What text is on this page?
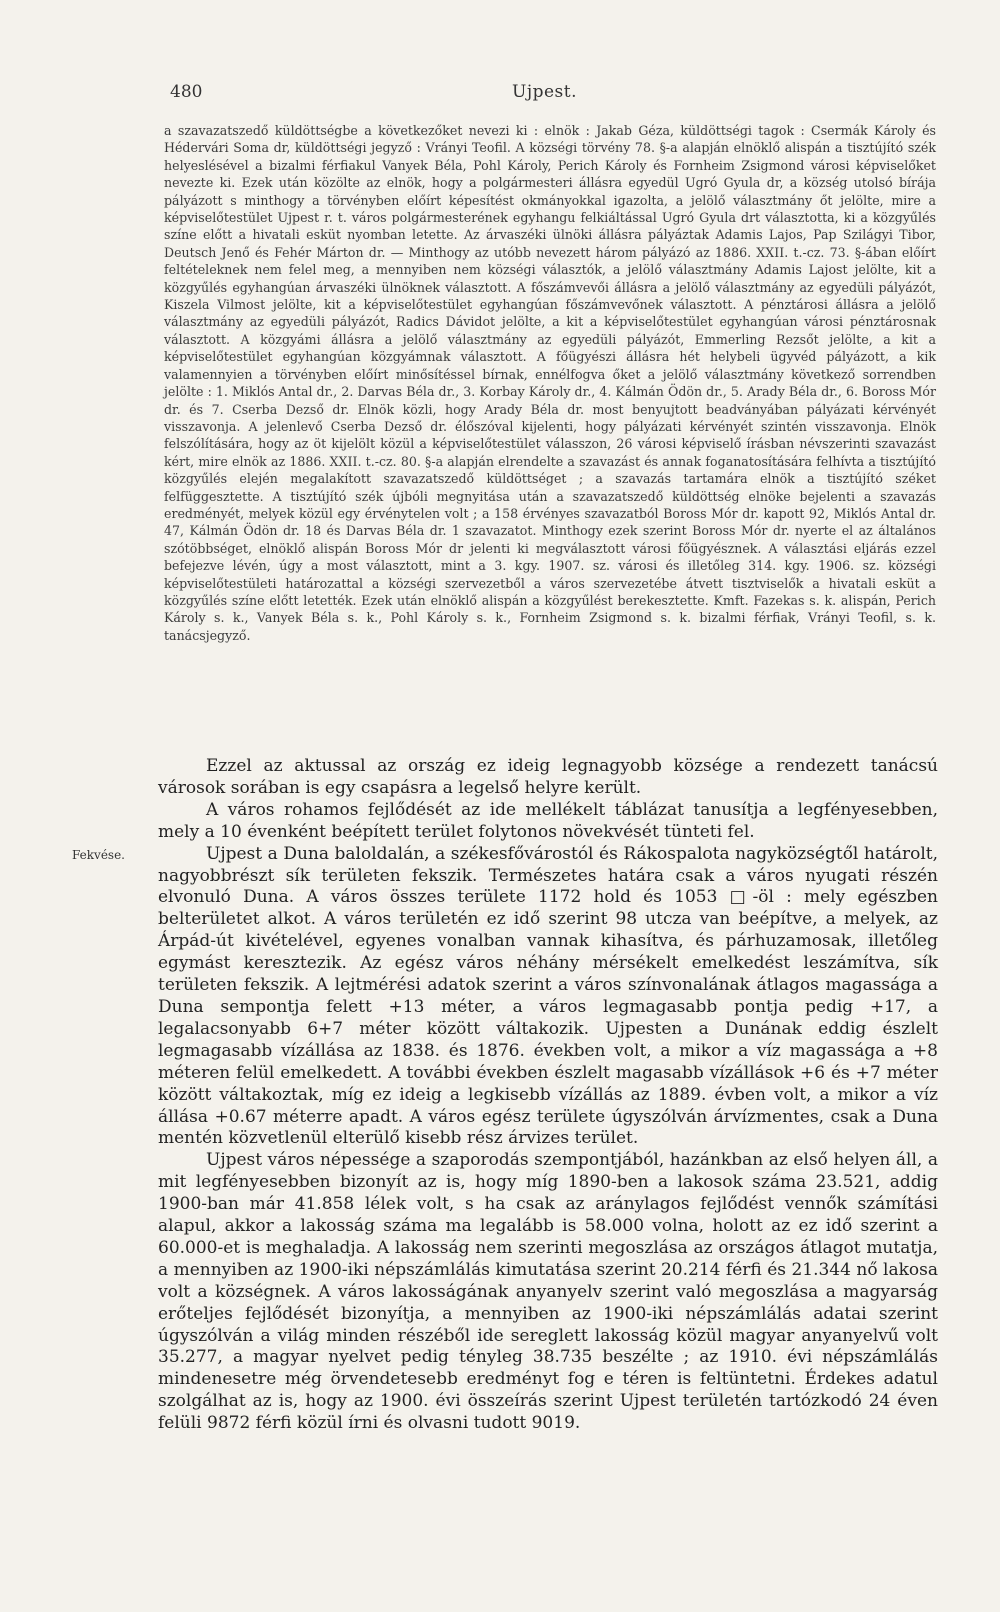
480	Ujpest.

a szavazatszedő küldöttségbe a következőket nevezi ki : elnök : Jakab Géza, küldöttségi tagok : Csermák Károly és Hédervári Soma dr, küldöttségi jegyző : Vrányi Teofil. A községi törvény 78. §-a alapján elnöklő alispán a tisztújító szék helyeslésével a bizalmi férfiakul Vanyek Béla, Pohl Károly, Perich Károly és Fornheim Zsigmond városi képviselőket nevezte ki. Ezek után közölte az elnök, hogy a polgármesteri állásra egyedül Ugró Gyula dr, a község utolsó bírája pályázott s minthogy a törvényben előírt képesítést okmányokkal igazolta, a jelölő választmány őt jelölte, mire a képviselőtestület Ujpest r. t. város polgármesterének egyhangu felkiáltással Ugró Gyula drt választotta, ki a közgyűlés színe előtt a hivatali esküt nyomban letette. Az árvaszéki ülnöki állásra pályáztak Adamis Lajos, Pap Szilágyi Tibor, Deutsch Jenő és Fehér Márton dr. — Minthogy az utóbb nevezett három pályázó az 1886. XXII. t.-cz. 73. §-ában előírt feltételeknek nem felel meg, a mennyiben nem községi választók, a jelölő választmány Adamis Lajost jelölte, kit a közgyűlés egyhangúan árvaszéki ülnöknek választott. A főszámvevői állásra a jelölő választmány az egyedüli pályázót, Kiszela Vilmost jelölte, kit a képviselőtestület egyhangúan főszámvevőnek választott. A pénztárosi állásra a jelölő választmány az egyedüli pályázót, Radics Dávidot jelölte, a kit a képviselőtestület egyhangúan városi pénztárosnak választott. A közgyámi állásra a jelölő választmány az egyedüli pályázót, Emmerling Rezsőt jelölte, a kit a képviselőtestület egyhangúan közgyámnak választott. A főügyészi állásra hét helybeli ügyvéd pályázott, a kik valamennyien a törvényben előírt minősítéssel bírnak, ennélfogva őket a jelölő választmány következő sorrendben jelölte : 1. Miklós Antal dr., 2. Darvas Béla dr., 3. Korbay Károly dr., 4. Kálmán Ödön dr., 5. Arady Béla dr., 6. Boross Mór dr. és 7. Cserba Dezső dr. Elnök közli, hogy Arady Béla dr. most benyujtott beadványában pályázati kérvényét visszavonja. A jelenlevő Cserba Dezső dr. élőszóval kijelenti, hogy pályázati kérvényét szintén visszavonja. Elnök felszólítására, hogy az öt kijelölt közül a képviselőtestület válasszon, 26 városi képviselő írásban névszerinti szavazást kért, mire elnök az 1886. XXII. t.-cz. 80. §-a alapján elrendelte a szavazást és annak foganatosítására felhívta a tisztújító közgyűlés elején megalakított szavazatszedő küldöttséget ; a szavazás tartamára elnök a tisztújító széket felfüggesztette. A tisztújító szék újbóli megnyitása után a szavazatszedő küldöttség elnöke bejelenti a szavazás eredményét, melyek közül egy érvénytelen volt ; a 158 érvényes szavazatból Boross Mór dr. kapott 92, Miklós Antal dr. 47, Kálmán Ödön dr. 18 és Darvas Béla dr. 1 szavazatot. Minthogy ezek szerint Boross Mór dr. nyerte el az általános szótöbbséget, elnöklő alispán Boross Mór dr jelenti ki megválasztott városi főügyésznek. A választási eljárás ezzel befejezve lévén, úgy a most választott, mint a 3. kgy. 1907. sz. városi és illetőleg 314. kgy. 1906. sz. községi képviselőtestületi határozattal a községi szervezetből a város szervezetébe átvett tisztviselők a hivatali esküt a közgyűlés színe előtt letették. Ezek után elnöklő alispán a közgyűlést berekesztette. Kmft. Fazekas s. k. alispán, Perich Károly s. k., Vanyek Béla s. k., Pohl Károly s. k., Fornheim Zsigmond s. k. bizalmi férfiak, Vrányi Teofil, s. k. tanácsjegyző.

Fekvése.

Ezzel az aktussal az ország ez ideig legnagyobb községe a rendezett tanácsú városok sorában is egy csapásra a legelső helyre került.

A város rohamos fejlődését az ide mellékelt táblázat tanusítja a legfényesebben, mely a 10 évenként beépített terület folytonos növekvését tünteti fel.

Ujpest a Duna baloldalán, a székesfővárostól és Rákospalota nagyközségtől határolt, nagyobbrészt sík területen fekszik. Természetes határa csak a város nyugati részén elvonuló Duna. A város összes területe 1172 hold és 1053 □-öl : mely egészben belterületet alkot. A város területén ez idő szerint 98 utcza van beépítve, a melyek, az Árpád-út kivételével, egyenes vonalban vannak kihasítva, és párhuzamosak, illetőleg egymást keresztezik. Az egész város néhány mérsékelt emelkedést leszámítva, sík területen fekszik. A lejtmérési adatok szerint a város színvonalának átlagos magassága a Duna sempontja felett +13 méter, a város legmagasabb pontja pedig +17, a legalacsonyabb 6+7 méter között váltakozik. Ujpesten a Dunának eddig észlelt legmagasabb vízállása az 1838. és 1876. években volt, a mikor a víz magassága a +8 méteren felül emelkedett. A további években észlelt magasabb vízállások +6 és +7 méter között váltakoztak, míg ez ideig a legkisebb vízállás az 1889. évben volt, a mikor a víz állása +0.67 méterre apadt. A város egész területe úgyszólván árvízmentes, csak a Duna mentén közvetlenül elterülő kisebb rész árvizes terület.

Ujpest város népessége a szaporodás szempontjából, hazánkban az első helyen áll, a mit legfényesebben bizonyít az is, hogy míg 1890-ben a lakosok száma 23.521, addig 1900-ban már 41.858 lélek volt, s ha csak az aránylagos fejlődést vennők számítási alapul, akkor a lakosság száma ma legalább is 58.000 volna, holott az ez idő szerint a 60.000-et is meghaladja. A lakosság nem szerinti megoszlása az országos átlagot mutatja, a mennyiben az 1900-iki népszámlálás kimutatása szerint 20.214 férfi és 21.344 nő lakosa volt a községnek. A város lakosságának anyanyelv szerint való megoszlása a magyarság erőteljes fejlődését bizonyítja, a mennyiben az 1900-iki népszámlálás adatai szerint úgyszólván a világ minden részéből ide sereglett lakosság közül magyar anyanyelvű volt 35.277, a magyar nyelvet pedig tényleg 38.735 beszélte ; az 1910. évi népszámlálás mindenesetre még örvendetesebb eredményt fog e téren is feltüntetni. Érdekes adatul szolgálhat az is, hogy az 1900. évi összeírás szerint Ujpest területén tartózkodó 24 éven felüli 9872 férfi közül írni és olvasni tudott 9019.
